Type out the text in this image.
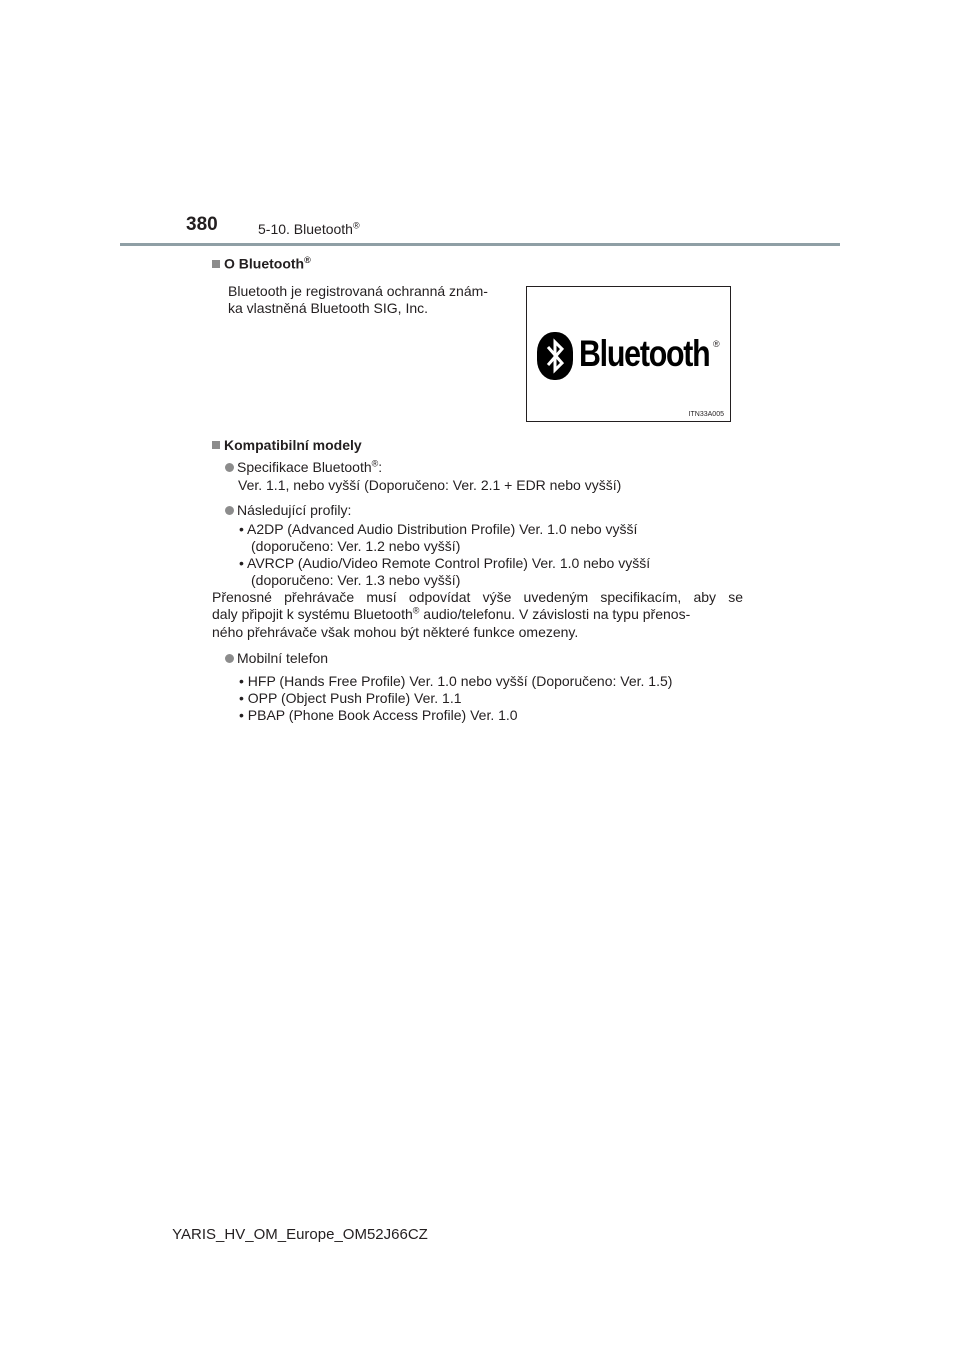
380	5-10. Bluetooth®
O Bluetooth®
Bluetooth je registrovaná ochranná znám-
ka vlastněná Bluetooth SIG, Inc.
Bluetooth ®
ITN33A005
Kompatibilní modely
Specifikace Bluetooth®:
Ver. 1.1, nebo vyšší (Doporučeno: Ver. 2.1 + EDR nebo vyšší)
Následující profily:
• A2DP (Advanced Audio Distribution Profile) Ver. 1.0 nebo vyšší
(doporučeno: Ver. 1.2 nebo vyšší)
• AVRCP (Audio/Video Remote Control Profile) Ver. 1.0 nebo vyšší
(doporučeno: Ver. 1.3 nebo vyšší)
Přenosné přehrávače musí odpovídat výše uvedeným specifikacím, aby se
daly připojit k systému Bluetooth® audio/telefonu. V závislosti na typu přenos-
ného přehrávače však mohou být některé funkce omezeny.
Mobilní telefon
• HFP (Hands Free Profile) Ver. 1.0 nebo vyšší (Doporučeno: Ver. 1.5)
• OPP (Object Push Profile) Ver. 1.1
• PBAP (Phone Book Access Profile) Ver. 1.0
YARIS_HV_OM_Europe_OM52J66CZ
